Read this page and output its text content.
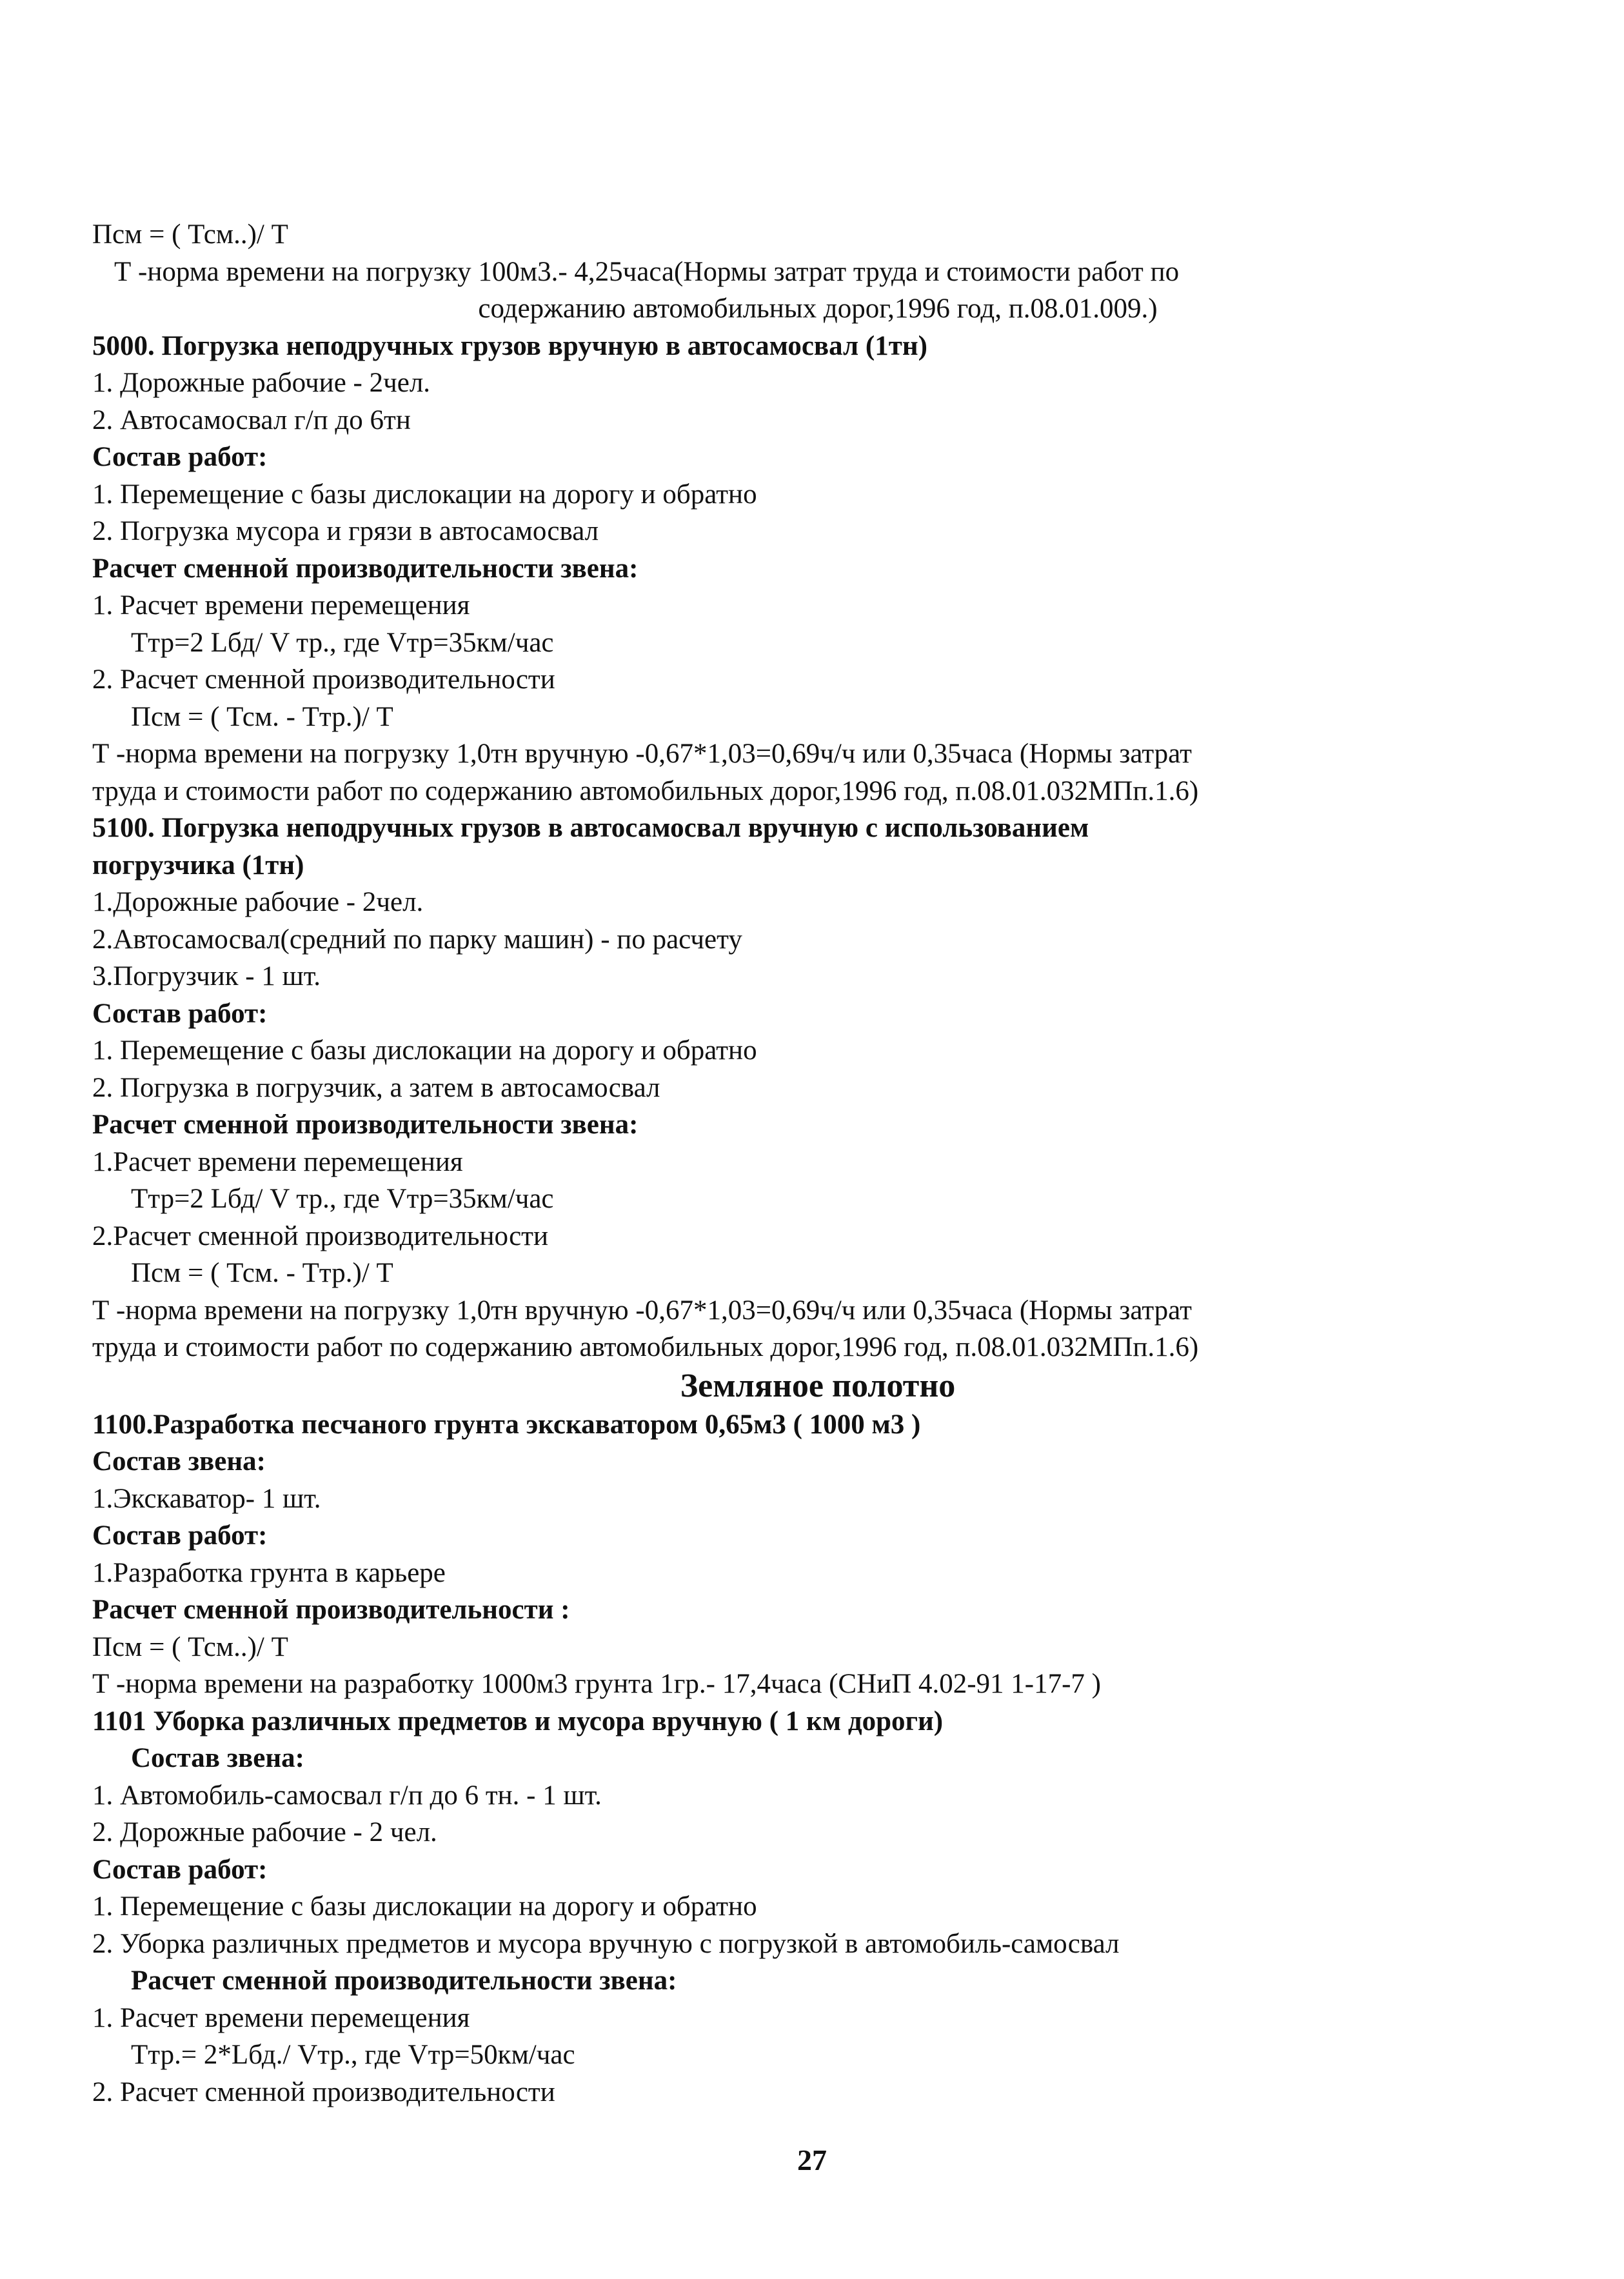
Псм = ( Тсм..)/ Т
Т -норма времени на погрузку 100м3.- 4,25часа(Нормы затрат труда и стоимости работ по
содержанию автомобильных дорог,1996 год, п.08.01.009.)
5000. Погрузка неподручных грузов вручную в автосамосвал (1тн)
1. Дорожные рабочие - 2чел.
2. Автосамосвал г/п до 6тн
Состав работ:
1. Перемещение с базы дислокации на дорогу и обратно
2. Погрузка мусора и грязи в автосамосвал
Расчет сменной производительности звена:
1. Расчет времени перемещения
Ттр=2 Lбд/ V тр., где Vтр=35км/час
2. Расчет сменной производительности
Псм = ( Тсм. - Ттр.)/ Т
Т -норма времени на погрузку 1,0тн вручную -0,67*1,03=0,69ч/ч или 0,35часа (Нормы затрат
труда и стоимости работ по содержанию автомобильных дорог,1996 год, п.08.01.032МПп.1.6)
5100. Погрузка неподручных грузов в автосамосвал вручную с использованием
погрузчика (1тн)
1.Дорожные рабочие - 2чел.
2.Автосамосвал(средний по парку машин) - по расчету
3.Погрузчик - 1 шт.
Состав работ:
1. Перемещение с базы дислокации на дорогу и обратно
2. Погрузка в погрузчик, а затем в автосамосвал
Расчет сменной производительности звена:
1.Расчет времени перемещения
Ттр=2 Lбд/ V тр., где Vтр=35км/час
2.Расчет сменной производительности
Псм = ( Тсм. - Ттр.)/ Т
Т -норма времени на погрузку 1,0тн вручную -0,67*1,03=0,69ч/ч или 0,35часа (Нормы затрат
труда и стоимости работ по содержанию автомобильных дорог,1996 год, п.08.01.032МПп.1.6)
Земляное полотно
1100.Разработка песчаного грунта экскаватором 0,65м3 ( 1000 м3 )
Состав звена:
1.Экскаватор- 1 шт.
Состав работ:
1.Разработка грунта в карьере
Расчет сменной производительности :
Псм = ( Тсм..)/ Т
Т -норма времени на разработку 1000м3 грунта 1гр.- 17,4часа (СНиП 4.02-91 1-17-7 )
1101 Уборка различных предметов и мусора вручную ( 1 км дороги)
Состав звена:
1. Автомобиль-самосвал г/п до 6 тн. - 1 шт.
2. Дорожные рабочие - 2 чел.
Состав работ:
1. Перемещение с базы дислокации на дорогу и обратно
2. Уборка различных предметов и мусора вручную с погрузкой в автомобиль-самосвал
Расчет сменной производительности звена:
1. Расчет времени перемещения
Ттр.= 2*Lбд./ Vтр., где Vтр=50км/час
2. Расчет сменной производительности
27
